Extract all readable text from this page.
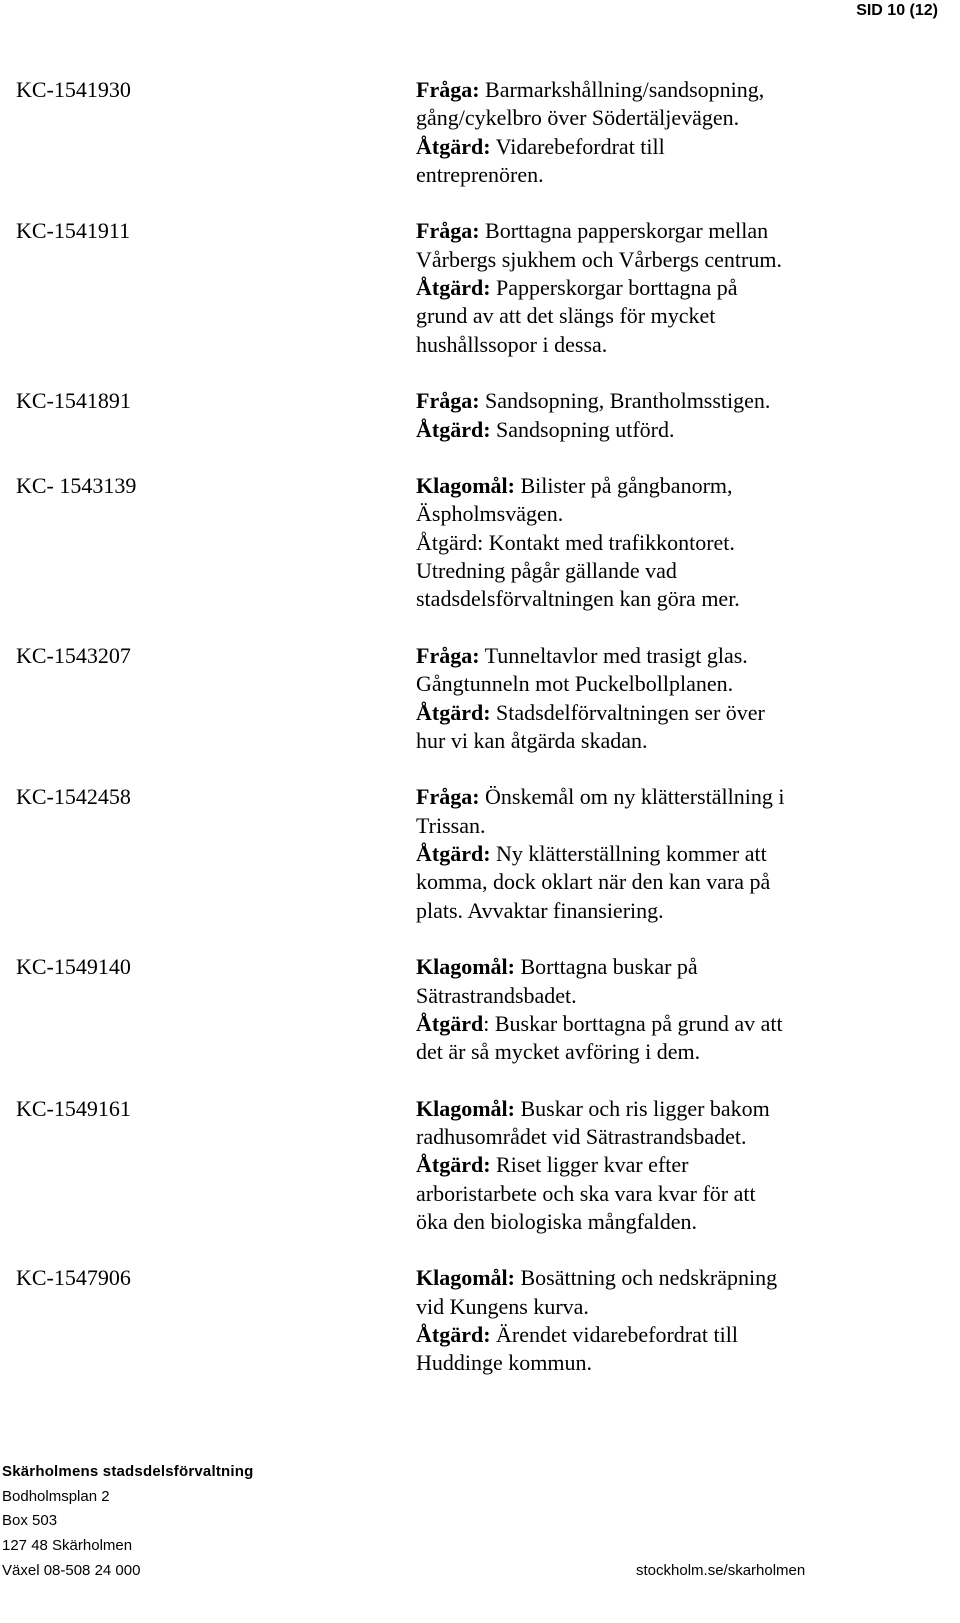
SID 10 (12)
KC-1541930	Fråga: Barmarkshållning/sandsopning,
gång/cykelbro över Södertäljevägen.
Åtgärd: Vidarebefordrat till
entreprenören.
KC-1541911	Fråga: Borttagna papperskorgar mellan
Vårbergs sjukhem och Vårbergs centrum.
Åtgärd: Papperskorgar borttagna på
grund av att det slängs för mycket
hushållssopor i dessa.
KC-1541891	Fråga: Sandsopning, Brantholmsstigen.
Åtgärd: Sandsopning utförd.
KC- 1543139	Klagomål: Bilister på gångbanorm,
Äspholmsvägen.
Åtgärd: Kontakt med trafikkontoret.
Utredning pågår gällande vad
stadsdelsförvaltningen kan göra mer.
KC-1543207	Fråga: Tunneltavlor med trasigt glas.
Gångtunneln mot Puckelbollplanen.
Åtgärd: Stadsdelförvaltningen ser över
hur vi kan åtgärda skadan.
KC-1542458	Fråga: Önskemål om ny klätterställning i
Trissan.
Åtgärd: Ny klätterställning kommer att
komma, dock oklart när den kan vara på
plats. Avvaktar finansiering.
KC-1549140	Klagomål: Borttagna buskar på
Sätrastrandsbadet.
Åtgärd: Buskar borttagna på grund av att
det är så mycket avföring i dem.
KC-1549161	Klagomål: Buskar och ris ligger bakom
radhusområdet vid Sätrastrandsbadet.
Åtgärd: Riset ligger kvar efter
arboristarbete och ska vara kvar för att
öka den biologiska mångfalden.
KC-1547906	Klagomål: Bosättning och nedskräpning
vid Kungens kurva.
Åtgärd: Ärendet vidarebefordrat till
Huddinge kommun.
Skärholmens stadsdelsförvaltning
Bodholmsplan 2
Box 503
127 48 Skärholmen
Växel 08-508 24 000	stockholm.se/skarholmen
